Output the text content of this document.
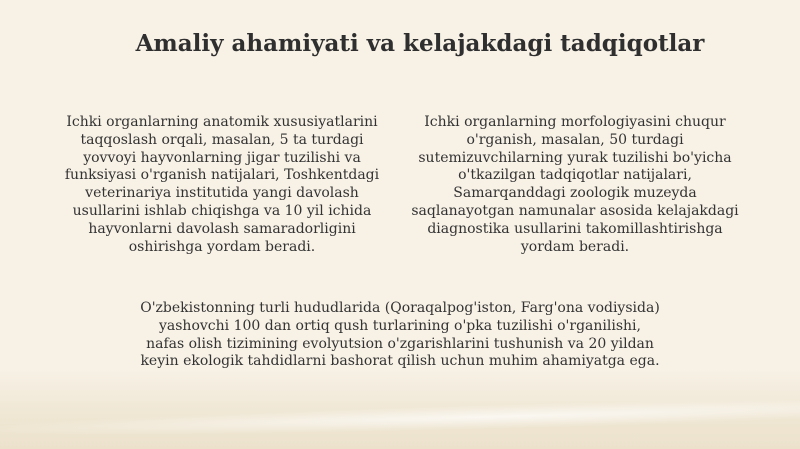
Amaliy ahamiyati va kelajakdagi tadqiqotlar
Ichki organlarning anatomik xususiyatlarini taqqoslash orqali, masalan, 5 ta turdagi yovvoyi hayvonlarning jigar tuzilishi va funksiyasi o'rganish natijalari, Toshkentdagi veterinariya institutida yangi davolash usullarini ishlab chiqishga va 10 yil ichida hayvonlarni davolash samaradorligini oshirishga yordam beradi.
Ichki organlarning morfologiyasini chuqur o'rganish, masalan, 50 turdagi sutemizuvchilarning yurak tuzilishi bo'yicha o'tkazilgan tadqiqotlar natijalari, Samarqanddagi zoologik muzeyda saqlanayotgan namunalar asosida kelajakdagi diagnostika usullarini takomillashtirishga yordam beradi.
O'zbekistonning turli hududlarida (Qoraqalpog'iston, Farg'ona vodiysida) yashovchi 100 dan ortiq qush turlarining o'pka tuzilishi o'rganilishi, nafas olish tizimining evolyutsion o'zgarishlarini tushunish va 20 yildan keyin ekologik tahdidlarni bashorat qilish uchun muhim ahamiyatga ega.
